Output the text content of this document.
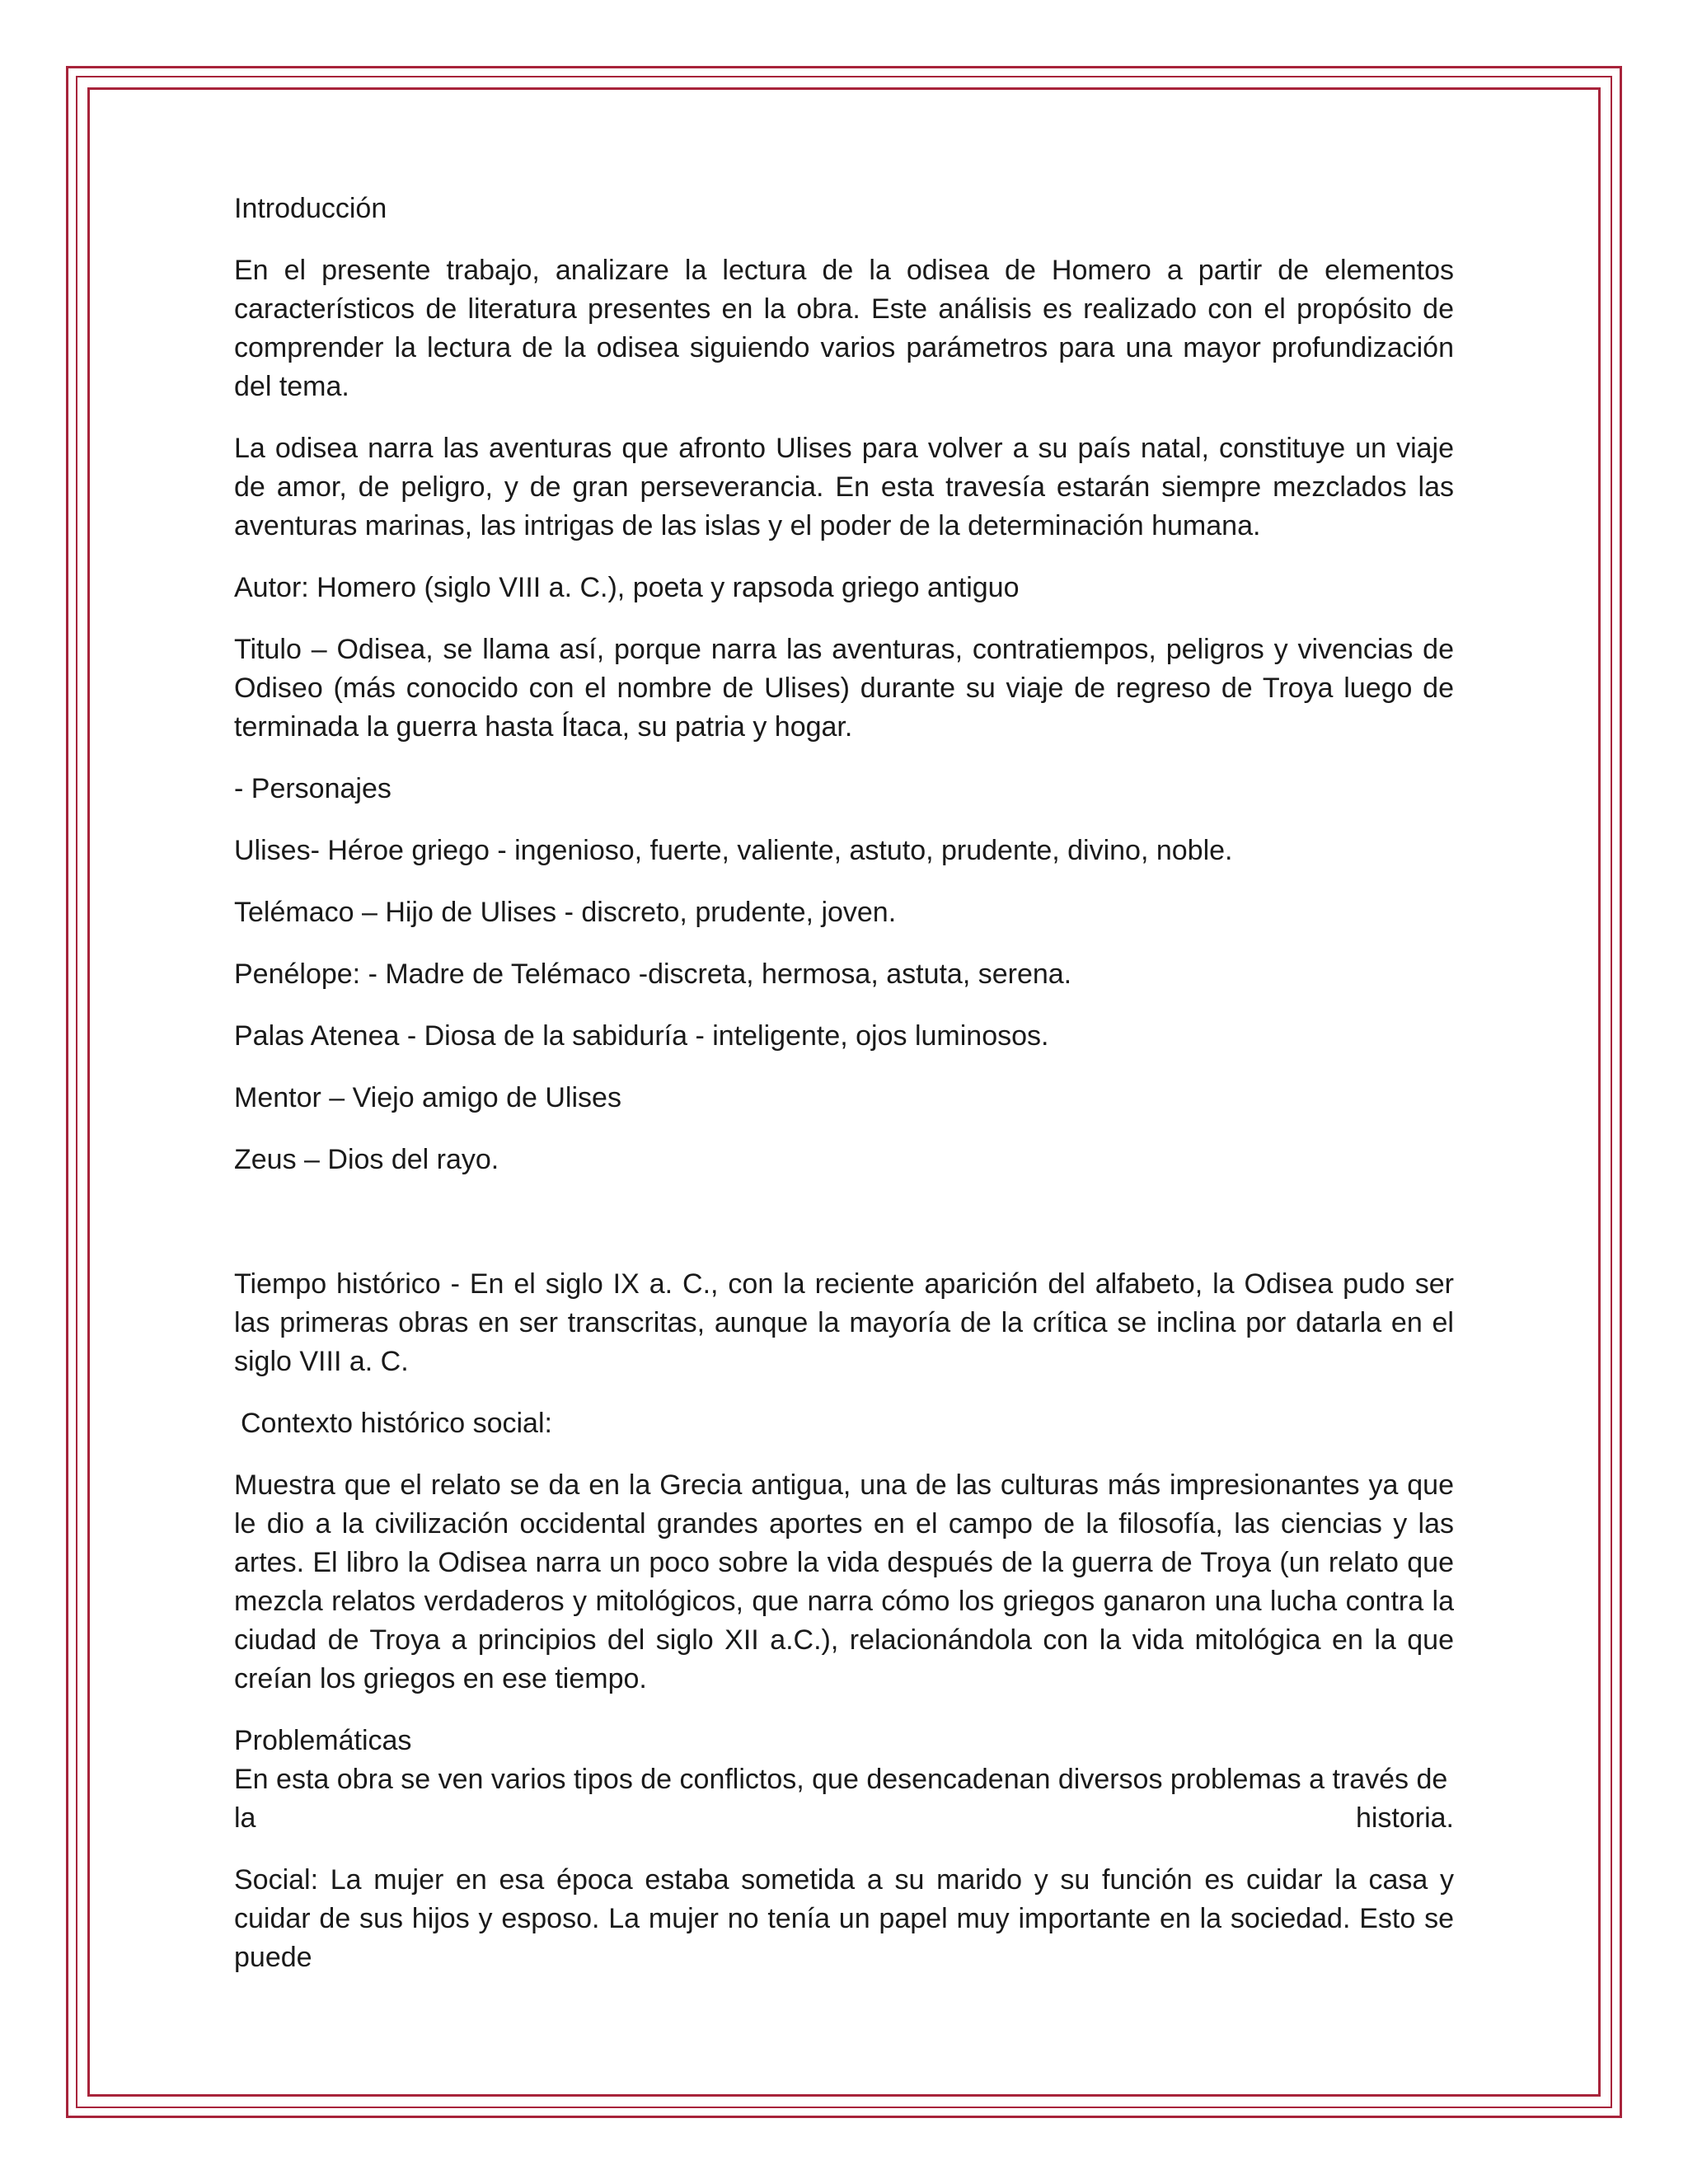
Introducción

En el presente trabajo, analizare la lectura de la odisea de Homero a partir de elementos característicos de literatura presentes en la obra. Este análisis es realizado con el propósito de comprender la lectura de la odisea siguiendo varios parámetros para una mayor profundización del tema.

La odisea narra las aventuras que afronto Ulises para volver a su país natal, constituye un viaje de amor, de peligro, y de gran perseverancia. En esta travesía estarán siempre mezclados las aventuras marinas, las intrigas de las islas y el poder de la determinación humana.

Autor: Homero (siglo VIII a. C.), poeta y rapsoda griego antiguo

Titulo – Odisea, se llama así, porque narra las aventuras, contratiempos, peligros y vivencias de Odiseo (más conocido con el nombre de Ulises) durante su viaje de regreso de Troya luego de terminada la guerra hasta Ítaca, su patria y hogar.

- Personajes

Ulises- Héroe griego - ingenioso, fuerte, valiente, astuto, prudente, divino, noble.

Telémaco – Hijo de Ulises - discreto, prudente, joven.

Penélope: - Madre de Telémaco -discreta, hermosa, astuta, serena.

Palas Atenea - Diosa de la sabiduría - inteligente, ojos luminosos.

Mentor – Viejo amigo de Ulises

Zeus – Dios del rayo.

Tiempo histórico - En el siglo IX a. C., con la reciente aparición del alfabeto, la Odisea pudo ser las primeras obras en ser transcritas, aunque la mayoría de la crítica se inclina por datarla en el siglo VIII a. C.

Contexto histórico social:

Muestra que el relato se da en la Grecia antigua, una de las culturas más impresionantes ya que le dio a la civilización occidental grandes aportes en el campo de la filosofía, las ciencias y las artes. El libro la Odisea narra un poco sobre la vida después de la guerra de Troya (un relato que mezcla relatos verdaderos y mitológicos, que narra cómo los griegos ganaron una lucha contra la ciudad de Troya a principios del siglo XII a.C.), relacionándola con la vida mitológica en la que creían los griegos en ese tiempo.

Problemáticas

En esta obra se ven varios tipos de conflictos, que desencadenan diversos problemas a través de

la	historia.

Social: La mujer en esa época estaba sometida a su marido y su función es cuidar la casa y cuidar de sus hijos y esposo. La mujer no tenía un papel muy importante en la sociedad. Esto se puede
